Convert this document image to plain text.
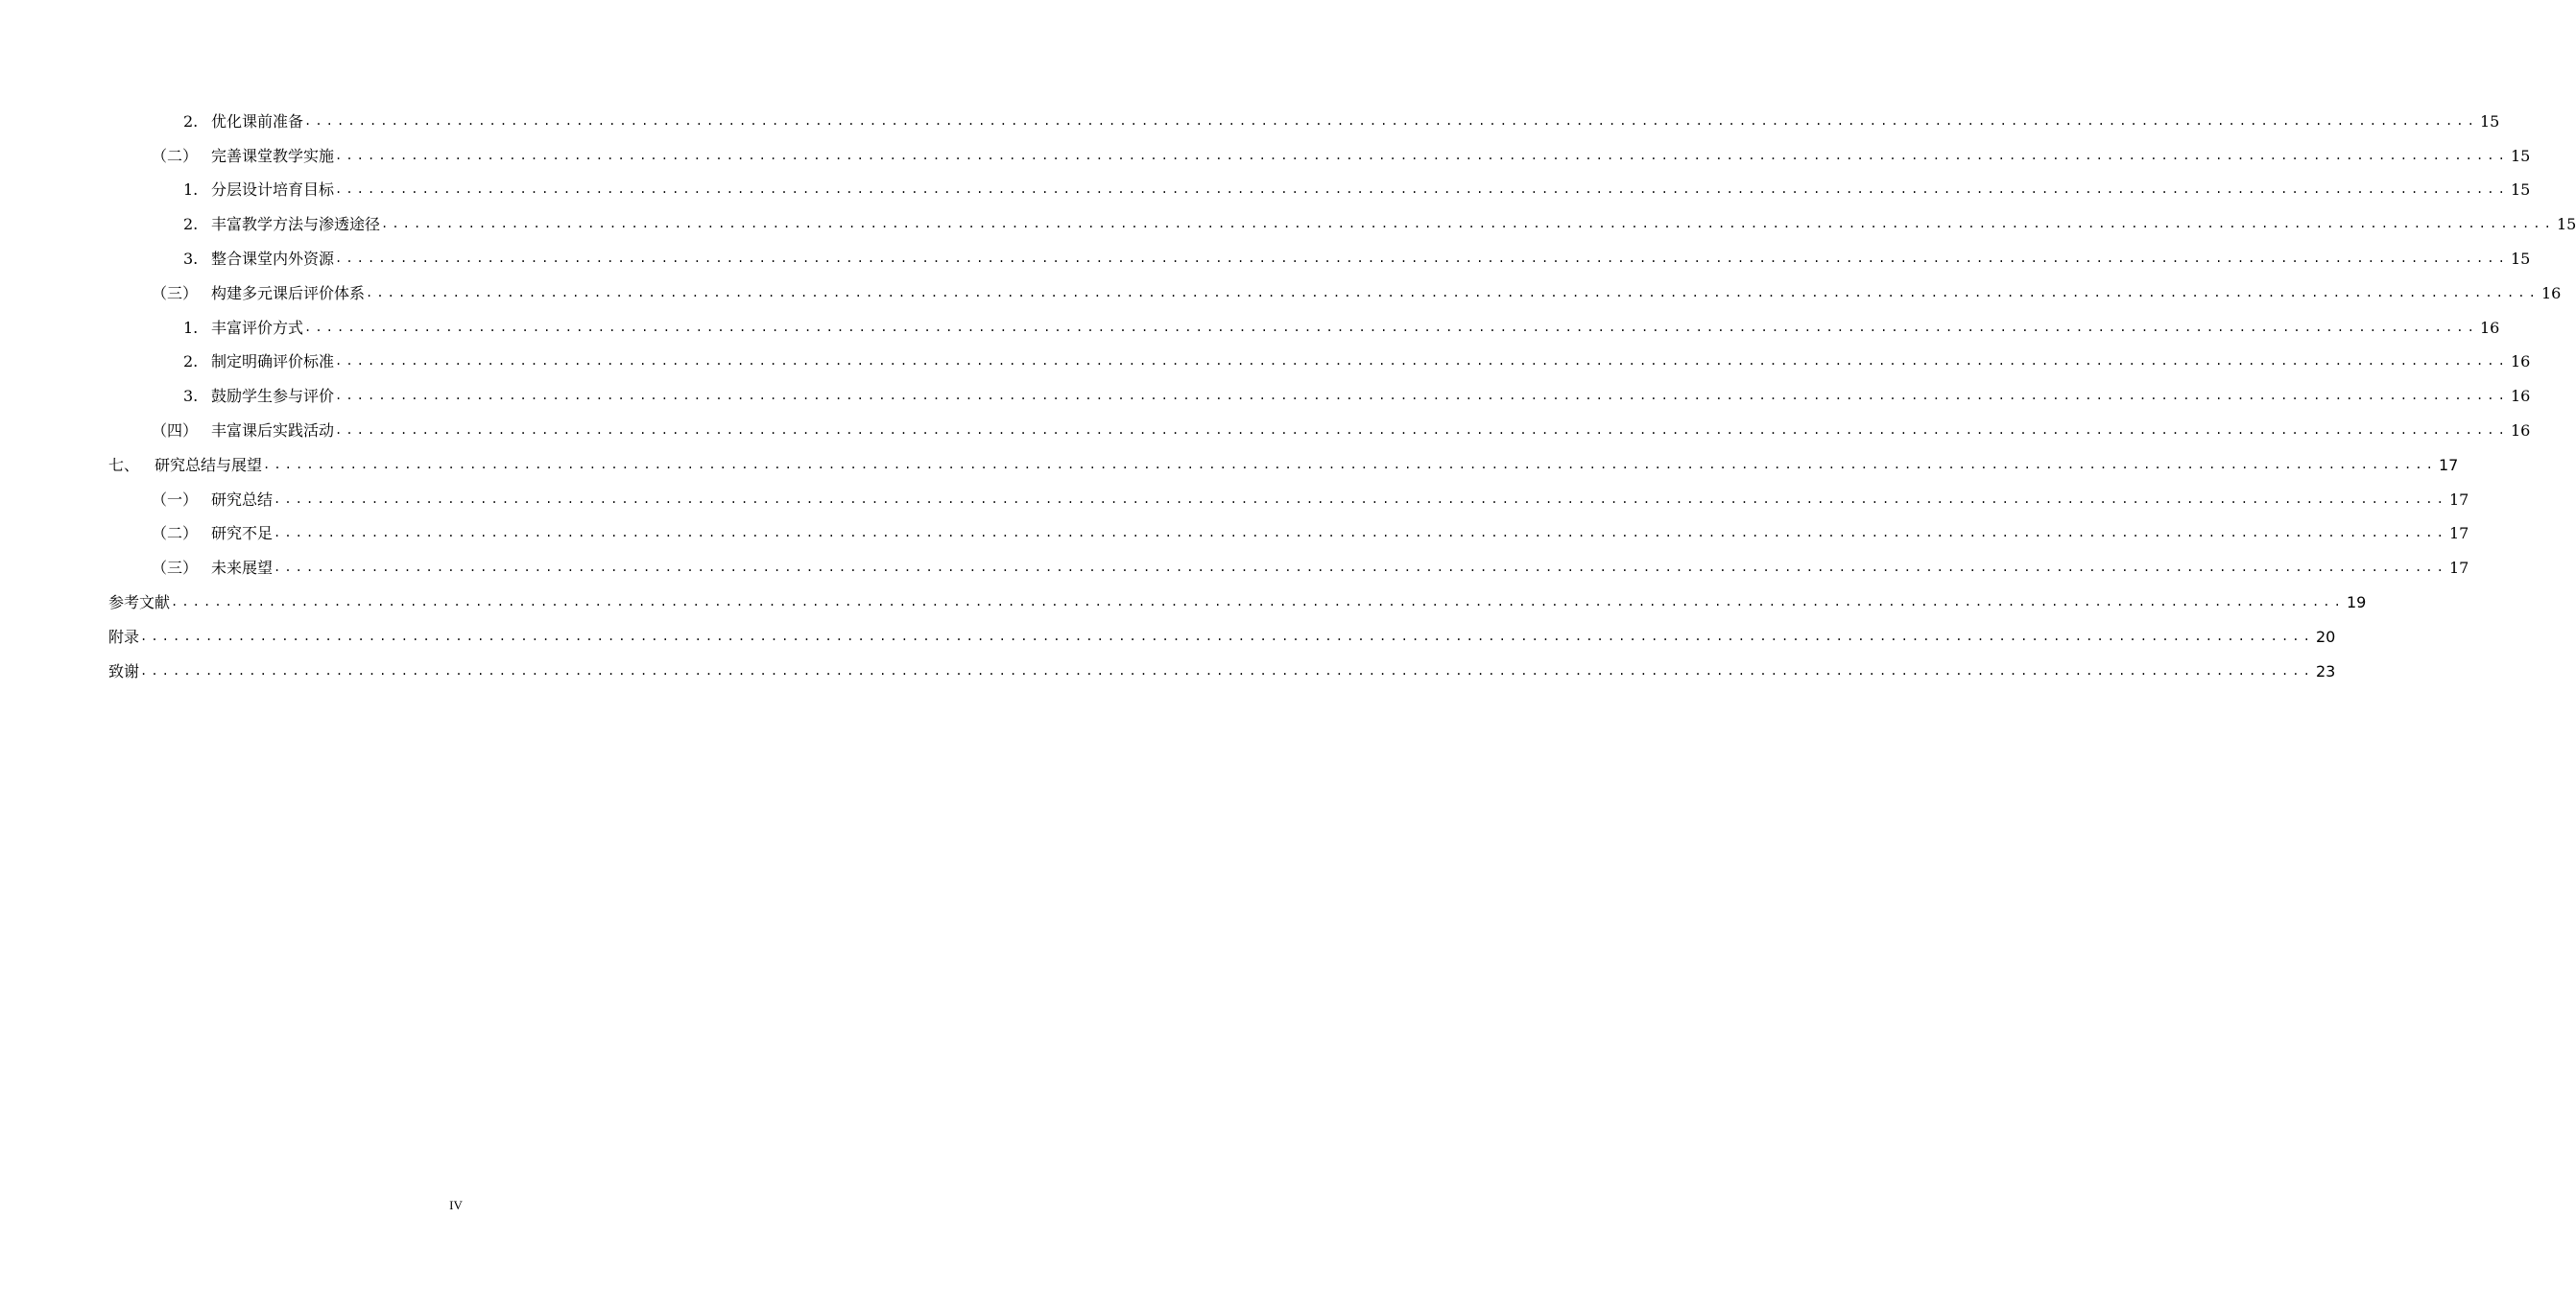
2. 优化课前准备 ........................................................................................................................................................................................................ 15
（二） 完善课堂教学实施 ........................................................................................................................................................................................................ 15
1. 分层设计培育目标 ........................................................................................................................................................................................................ 15
2. 丰富教学方法与渗透途径 ........................................................................................................................................................................................................ 15
3. 整合课堂内外资源 ........................................................................................................................................................................................................ 15
（三） 构建多元课后评价体系 ........................................................................................................................................................................................................ 16
1. 丰富评价方式 ........................................................................................................................................................................................................ 16
2. 制定明确评价标准 ........................................................................................................................................................................................................ 16
3. 鼓励学生参与评价 ........................................................................................................................................................................................................ 16
（四） 丰富课后实践活动 ........................................................................................................................................................................................................ 16
七、 研究总结与展望 ........................................................................................................................................................................................................ 17
（一） 研究总结 ........................................................................................................................................................................................................ 17
（二） 研究不足 ........................................................................................................................................................................................................ 17
（三） 未来展望 ........................................................................................................................................................................................................ 17
参考文献 ........................................................................................................................................................................................................ 19
附录 ........................................................................................................................................................................................................ 20
致谢 ........................................................................................................................................................................................................ 23
IV
